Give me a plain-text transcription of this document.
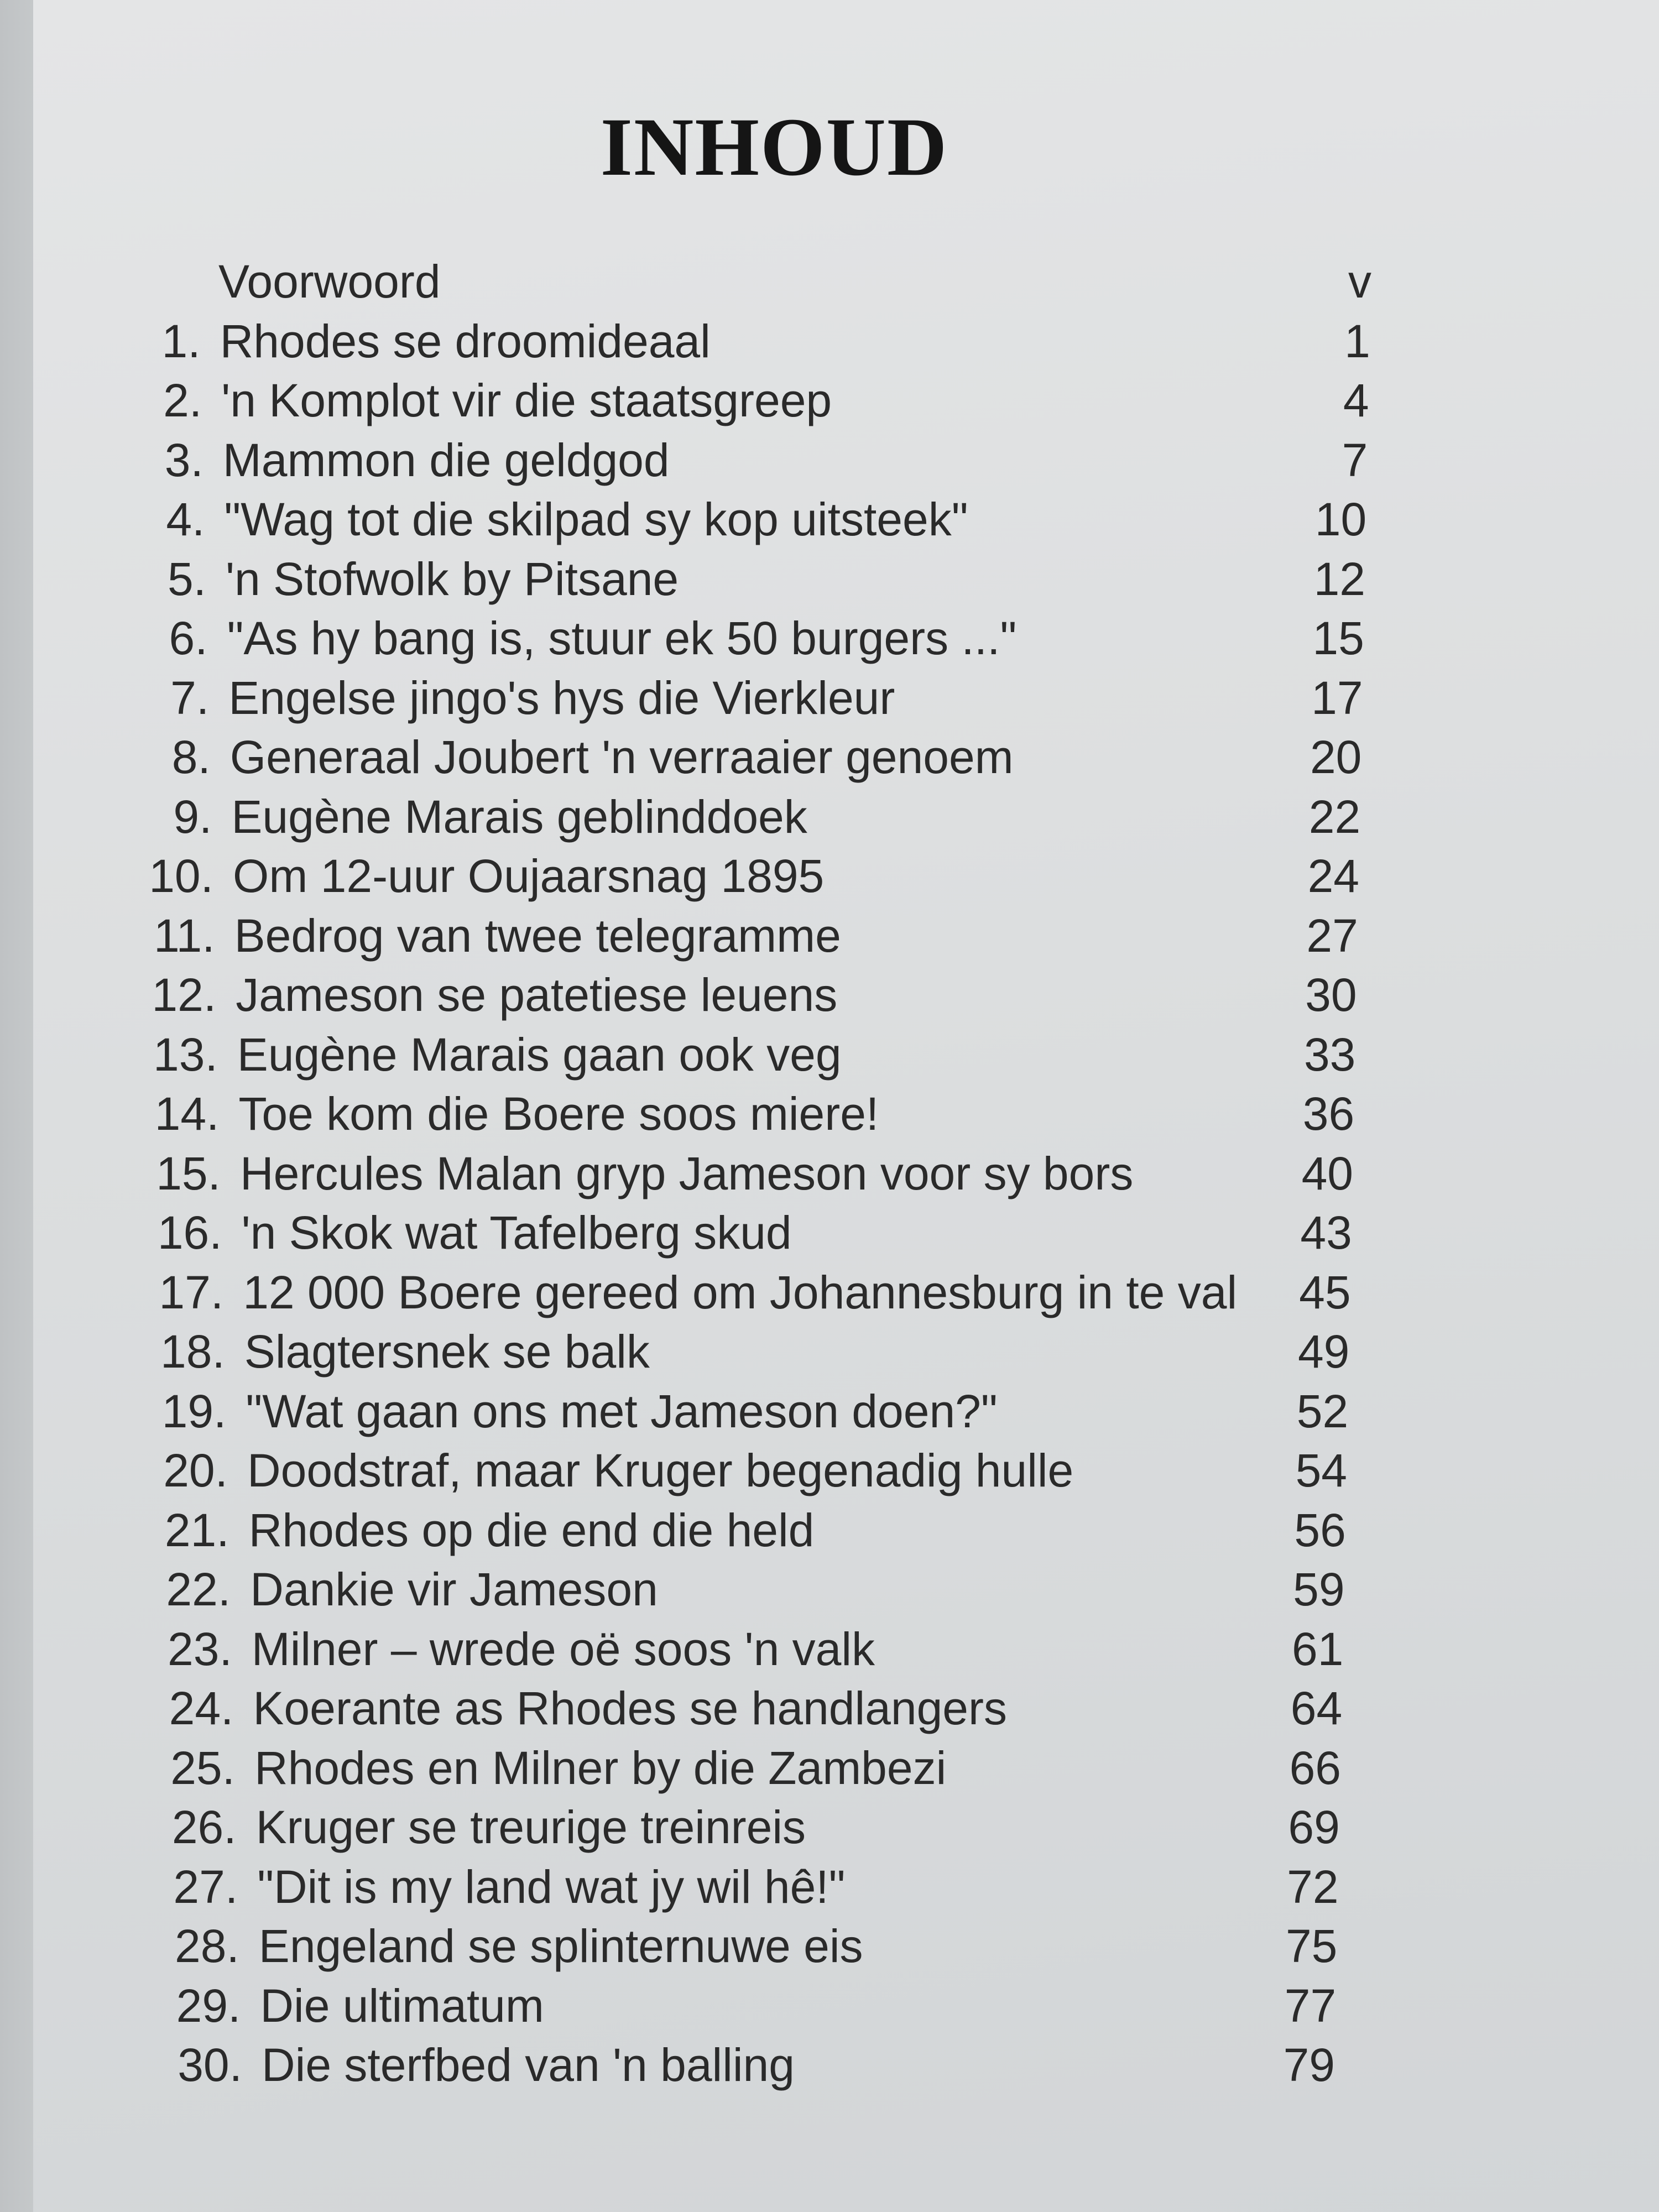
INHOUD
Voorwoord	v
1. Rhodes se droomideaal	1
2. 'n Komplot vir die staatsgreep	4
3. Mammon die geldgod	7
4. "Wag tot die skilpad sy kop uitsteek"	10
5. 'n Stofwolk by Pitsane	12
6. "As hy bang is, stuur ek 50 burgers ..."	15
7. Engelse jingo's hys die Vierkleur	17
8. Generaal Joubert 'n verraaier genoem	20
9. Eugène Marais geblinddoek	22
10. Om 12-uur Oujaarsnag 1895	24
11. Bedrog van twee telegramme	27
12. Jameson se patetiese leuens	30
13. Eugène Marais gaan ook veg	33
14. Toe kom die Boere soos miere!	36
15. Hercules Malan gryp Jameson voor sy bors	40
16. 'n Skok wat Tafelberg skud	43
17. 12 000 Boere gereed om Johannesburg in te val	45
18. Slagtersnek se balk	49
19. "Wat gaan ons met Jameson doen?"	52
20. Doodstraf, maar Kruger begenadig hulle	54
21. Rhodes op die end die held	56
22. Dankie vir Jameson	59
23. Milner – wrede oë soos 'n valk	61
24. Koerante as Rhodes se handlangers	64
25. Rhodes en Milner by die Zambezi	66
26. Kruger se treurige treinreis	69
27. "Dit is my land wat jy wil hê!"	72
28. Engeland se splinternuwe eis	75
29. Die ultimatum	77
30. Die sterfbed van 'n balling	79
